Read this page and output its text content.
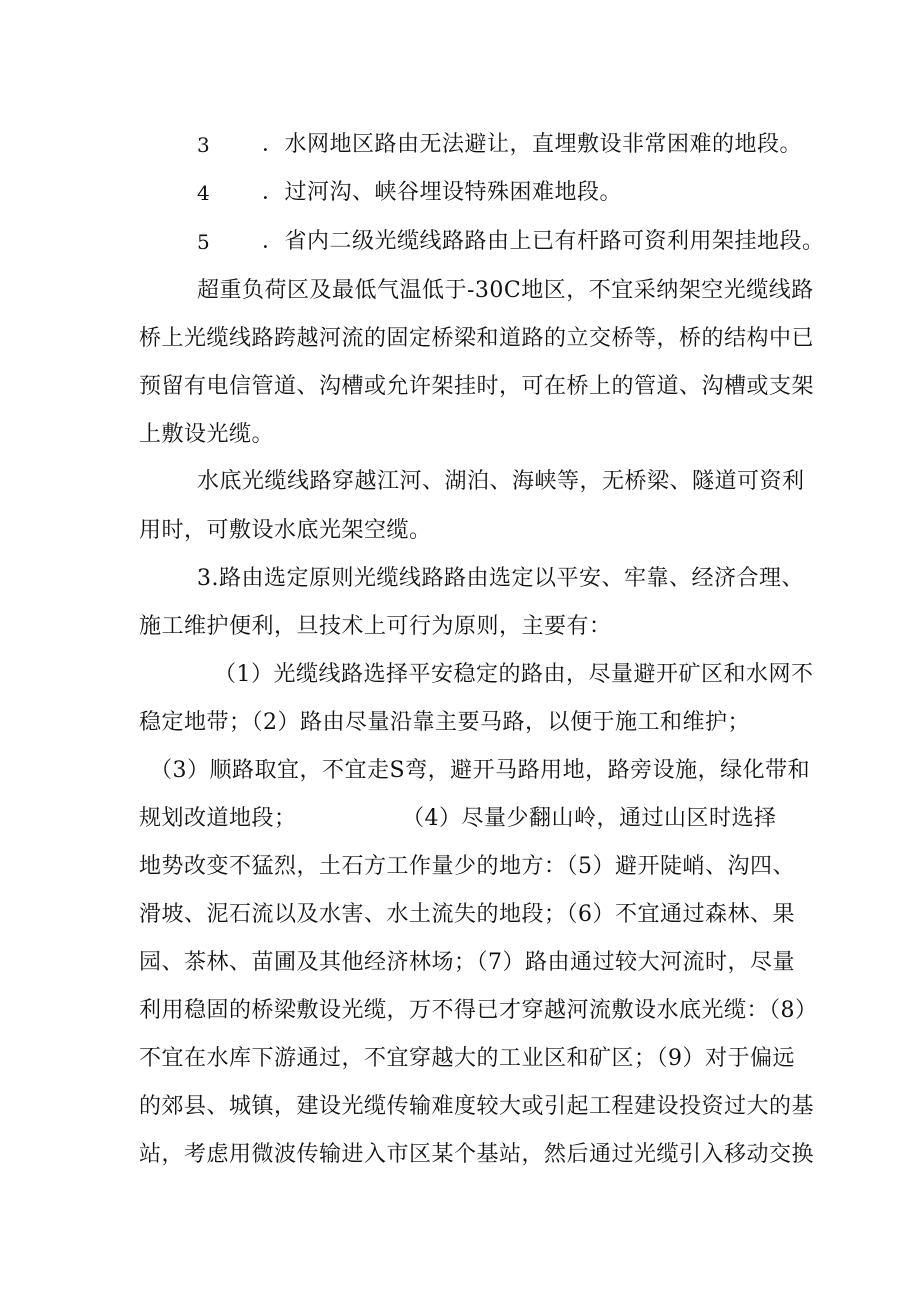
3 ．水网地区路由无法避让，直埋敷设非常困难的地段。
4 ．过河沟、峡谷埋设特殊困难地段。
5 ．省内二级光缆线路路由上已有杆路可资利用架挂地段。
超重负荷区及最低气温低于-30C地区，不宜采纳架空光缆线路
桥上光缆线路跨越河流的固定桥梁和道路的立交桥等，桥的结构中已
预留有电信管道、沟槽或允许架挂时，可在桥上的管道、沟槽或支架
上敷设光缆。
水底光缆线路穿越江河、湖泊、海峡等，无桥梁、隧道可资利
用时，可敷设水底光架空缆。
3.路由选定原则光缆线路路由选定以平安、牢靠、经济合理、
施工维护便利，旦技术上可行为原则，主要有：
（1）光缆线路选择平安稳定的路由，尽量避开矿区和水网不
稳定地带；（2）路由尽量沿靠主要马路，以便于施工和维护；
（3）顺路取宜，不宜走S弯，避开马路用地，路旁设施，绿化带和
规划改道地段；	（4）尽量少翻山岭，通过山区时选择
地势改变不猛烈，土石方工作量少的地方：（5）避开陡峭、沟四、
滑坡、泥石流以及水害、水土流失的地段；（6）不宜通过森林、果
园、茶林、苗圃及其他经济林场；（7）路由通过较大河流时，尽量
利用稳固的桥梁敷设光缆，万不得已才穿越河流敷设水底光缆：（8）
不宜在水库下游通过，不宜穿越大的工业区和矿区；（9）对于偏远
的郊县、城镇，建设光缆传输难度较大或引起工程建设投资过大的基
站，考虑用微波传输进入市区某个基站，然后通过光缆引入移动交换
